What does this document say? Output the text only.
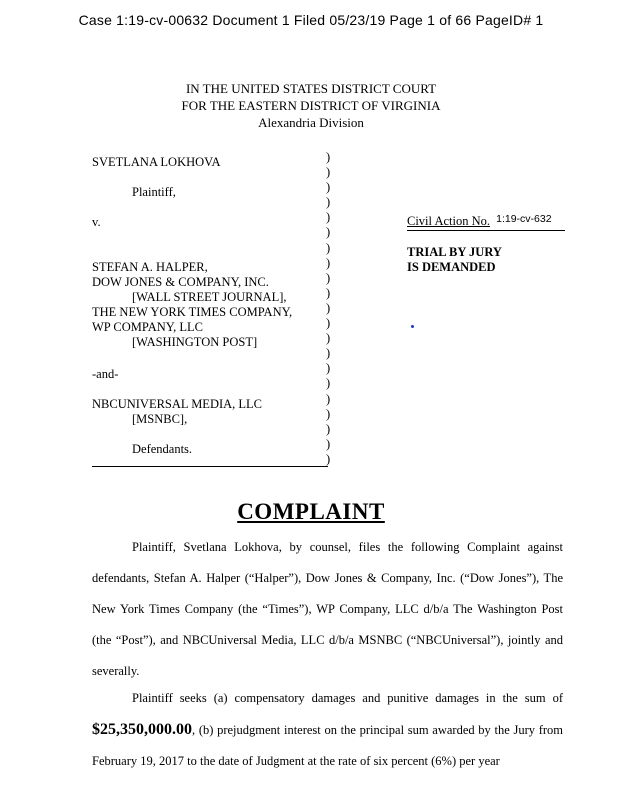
Case 1:19-cv-00632 Document 1 Filed 05/23/19 Page 1 of 66 PageID# 1
IN THE UNITED STATES DISTRICT COURT
FOR THE EASTERN DISTRICT OF VIRGINIA
Alexandria Division
SVETLANA LOKHOVA
Plaintiff,
v.
STEFAN A. HALPER,
DOW JONES & COMPANY, INC.
[WALL STREET JOURNAL],
THE NEW YORK TIMES COMPANY,
WP COMPANY, LLC
[WASHINGTON POST]
-and-
NBCUNIVERSAL MEDIA, LLC
[MSNBC],
Defendants.
)
)
)
)
)
)
)
)
)
)
)
)
)
)
)
)
)
)
)
)
)
Civil Action No. $^{1:19-cv-632}$
TRIAL BY JURY
IS DEMANDED
COMPLAINT
Plaintiff, Svetlana Lokhova, by counsel, files the following Complaint against defendants, Stefan A. Halper (“Halper”), Dow Jones & Company, Inc. (“Dow Jones”), The New York Times Company (the “Times”), WP Company, LLC d/b/a The Washington Post (the “Post”), and NBCUniversal Media, LLC d/b/a MSNBC (“NBCUniversal”), jointly and severally.
Plaintiff seeks (a) compensatory damages and punitive damages in the sum of $25,350,000.00, (b) prejudgment interest on the principal sum awarded by the Jury from February 19, 2017 to the date of Judgment at the rate of six percent (6%) per year
